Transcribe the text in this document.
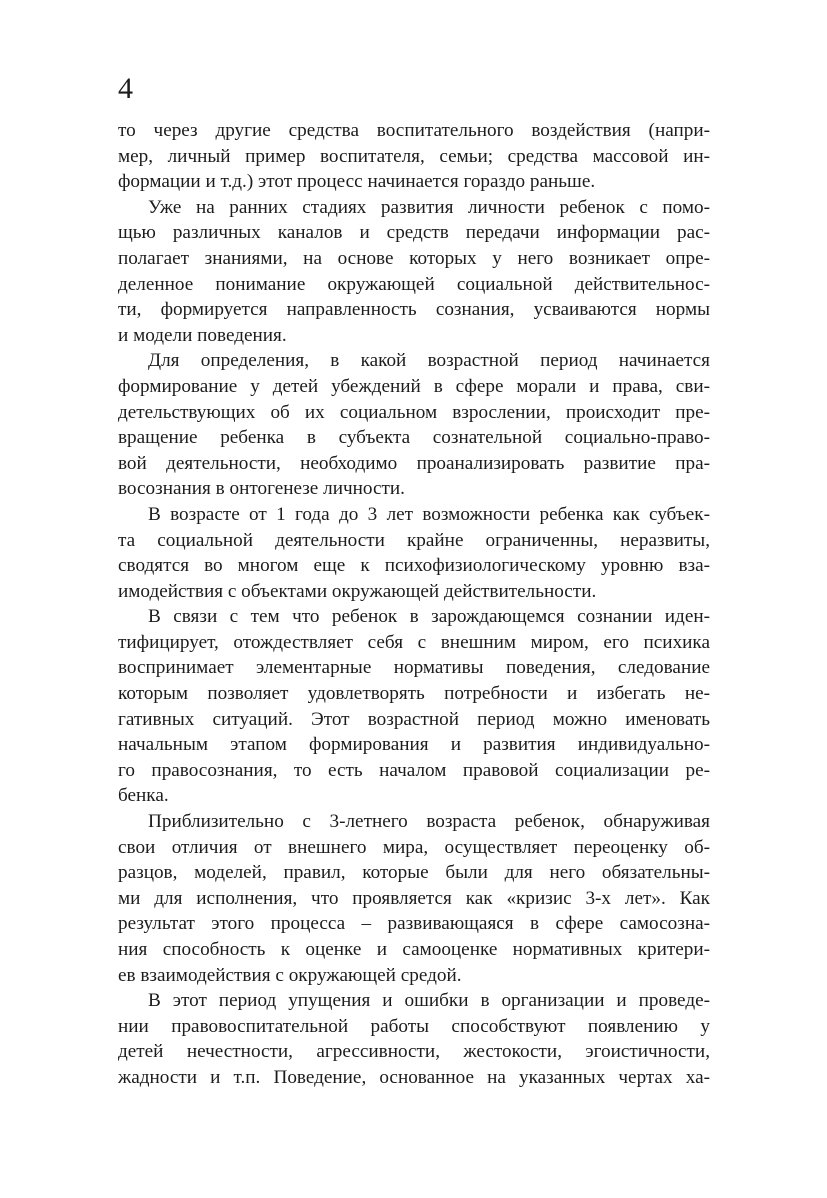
4

то через другие средства воспитательного воздействия (напри-
мер, личный пример воспитателя, семьи; средства массовой ин-
формации и т.д.) этот процесс начинается гораздо раньше.

Уже на ранних стадиях развития личности ребенок с помо-
щью различных каналов и средств передачи информации рас-
полагает знаниями, на основе которых у него возникает опре-
деленное понимание окружающей социальной действительнос-
ти, формируется направленность сознания, усваиваются нормы
и модели поведения.

Для определения, в какой возрастной период начинается
формирование у детей убеждений в сфере морали и права, сви-
детельствующих об их социальном взрослении, происходит пре-
вращение ребенка в субъекта сознательной социально-право-
вой деятельности, необходимо проанализировать развитие пра-
восознания в онтогенезе личности.

В возрасте от 1 года до 3 лет возможности ребенка как субъек-
та социальной деятельности крайне ограниченны, неразвиты,
сводятся во многом еще к психофизиологическому уровню вза-
имодействия с объектами окружающей действительности.

В связи с тем что ребенок в зарождающемся сознании иден-
тифицирует, отождествляет себя с внешним миром, его психика
воспринимает элементарные нормативы поведения, следование
которым позволяет удовлетворять потребности и избегать не-
гативных ситуаций. Этот возрастной период можно именовать
начальным этапом формирования и развития индивидуально-
го правосознания, то есть началом правовой социализации ре-
бенка.

Приблизительно с 3-летнего возраста ребенок, обнаруживая
свои отличия от внешнего мира, осуществляет переоценку об-
разцов, моделей, правил, которые были для него обязательны-
ми для исполнения, что проявляется как «кризис 3-х лет». Как
результат этого процесса – развивающаяся в сфере самосозна-
ния способность к оценке и самооценке нормативных критери-
ев взаимодействия с окружающей средой.

В этот период упущения и ошибки в организации и проведе-
нии правовоспитательной работы способствуют появлению у
детей нечестности, агрессивности, жестокости, эгоистичности,
жадности и т.п. Поведение, основанное на указанных чертах ха-
